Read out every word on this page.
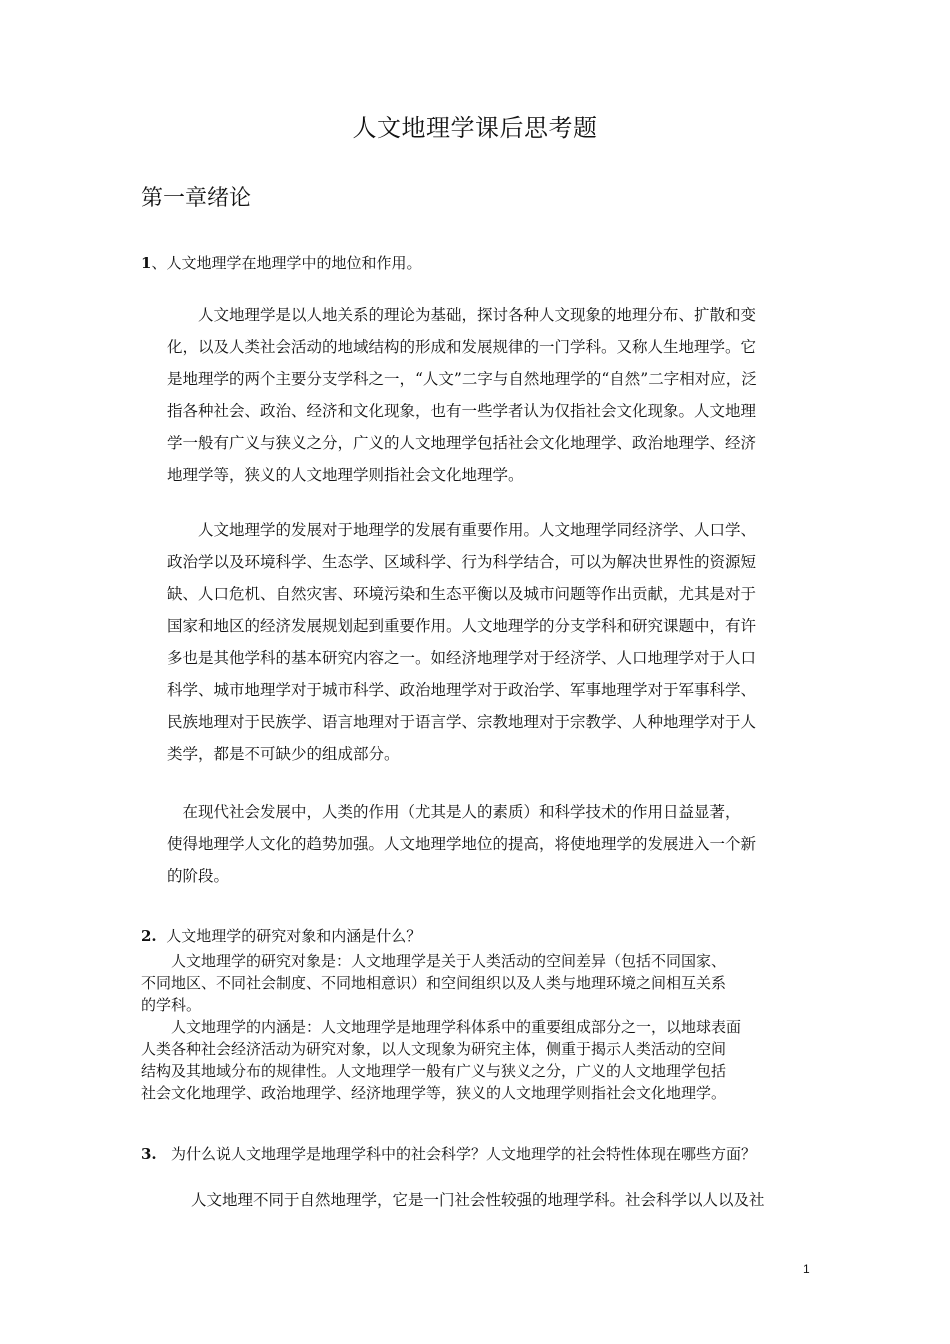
人文地理学课后思考题
第一章绪论
1、人文地理学在地理学中的地位和作用。
　　人文地理学是以人地关系的理论为基础，探讨各种人文现象的地理分布、扩散和变
化，以及人类社会活动的地域结构的形成和发展规律的一门学科。又称人生地理学。它
是地理学的两个主要分支学科之一，“人文”二字与自然地理学的“自然”二字相对应，泛
指各种社会、政治、经济和文化现象，也有一些学者认为仅指社会文化现象。人文地理
学一般有广义与狭义之分，广义的人文地理学包括社会文化地理学、政治地理学、经济
地理学等，狭义的人文地理学则指社会文化地理学。
　　人文地理学的发展对于地理学的发展有重要作用。人文地理学同经济学、人口学、
政治学以及环境科学、生态学、区域科学、行为科学结合，可以为解决世界性的资源短
缺、人口危机、自然灾害、环境污染和生态平衡以及城市问题等作出贡献，尤其是对于
国家和地区的经济发展规划起到重要作用。人文地理学的分支学科和研究课题中，有许
多也是其他学科的基本研究内容之一。如经济地理学对于经济学、人口地理学对于人口
科学、城市地理学对于城市科学、政治地理学对于政治学、军事地理学对于军事科学、
民族地理对于民族学、语言地理对于语言学、宗教地理对于宗教学、人种地理学对于人
类学，都是不可缺少的组成部分。
　在现代社会发展中，人类的作用（尤其是人的素质）和科学技术的作用日益显著，
使得地理学人文化的趋势加强。人文地理学地位的提高，将使地理学的发展进入一个新
的阶段。
2. 人文地理学的研究对象和内涵是什么？
　　人文地理学的研究对象是：人文地理学是关于人类活动的空间差异（包括不同国家、
不同地区、不同社会制度、不同地相意识）和空间组织以及人类与地理环境之间相互关系
的学科。
　　人文地理学的内涵是：人文地理学是地理学科体系中的重要组成部分之一，以地球表面
人类各种社会经济活动为研究对象，以人文现象为研究主体，侧重于揭示人类活动的空间
结构及其地域分布的规律性。人文地理学一般有广义与狭义之分，广义的人文地理学包括
社会文化地理学、政治地理学、经济地理学等，狭义的人文地理学则指社会文化地理学。
3. 为什么说人文地理学是地理学科中的社会科学？人文地理学的社会特性体现在哪些方面？
　　人文地理不同于自然地理学，它是一门社会性较强的地理学科。社会科学以人以及社
1
